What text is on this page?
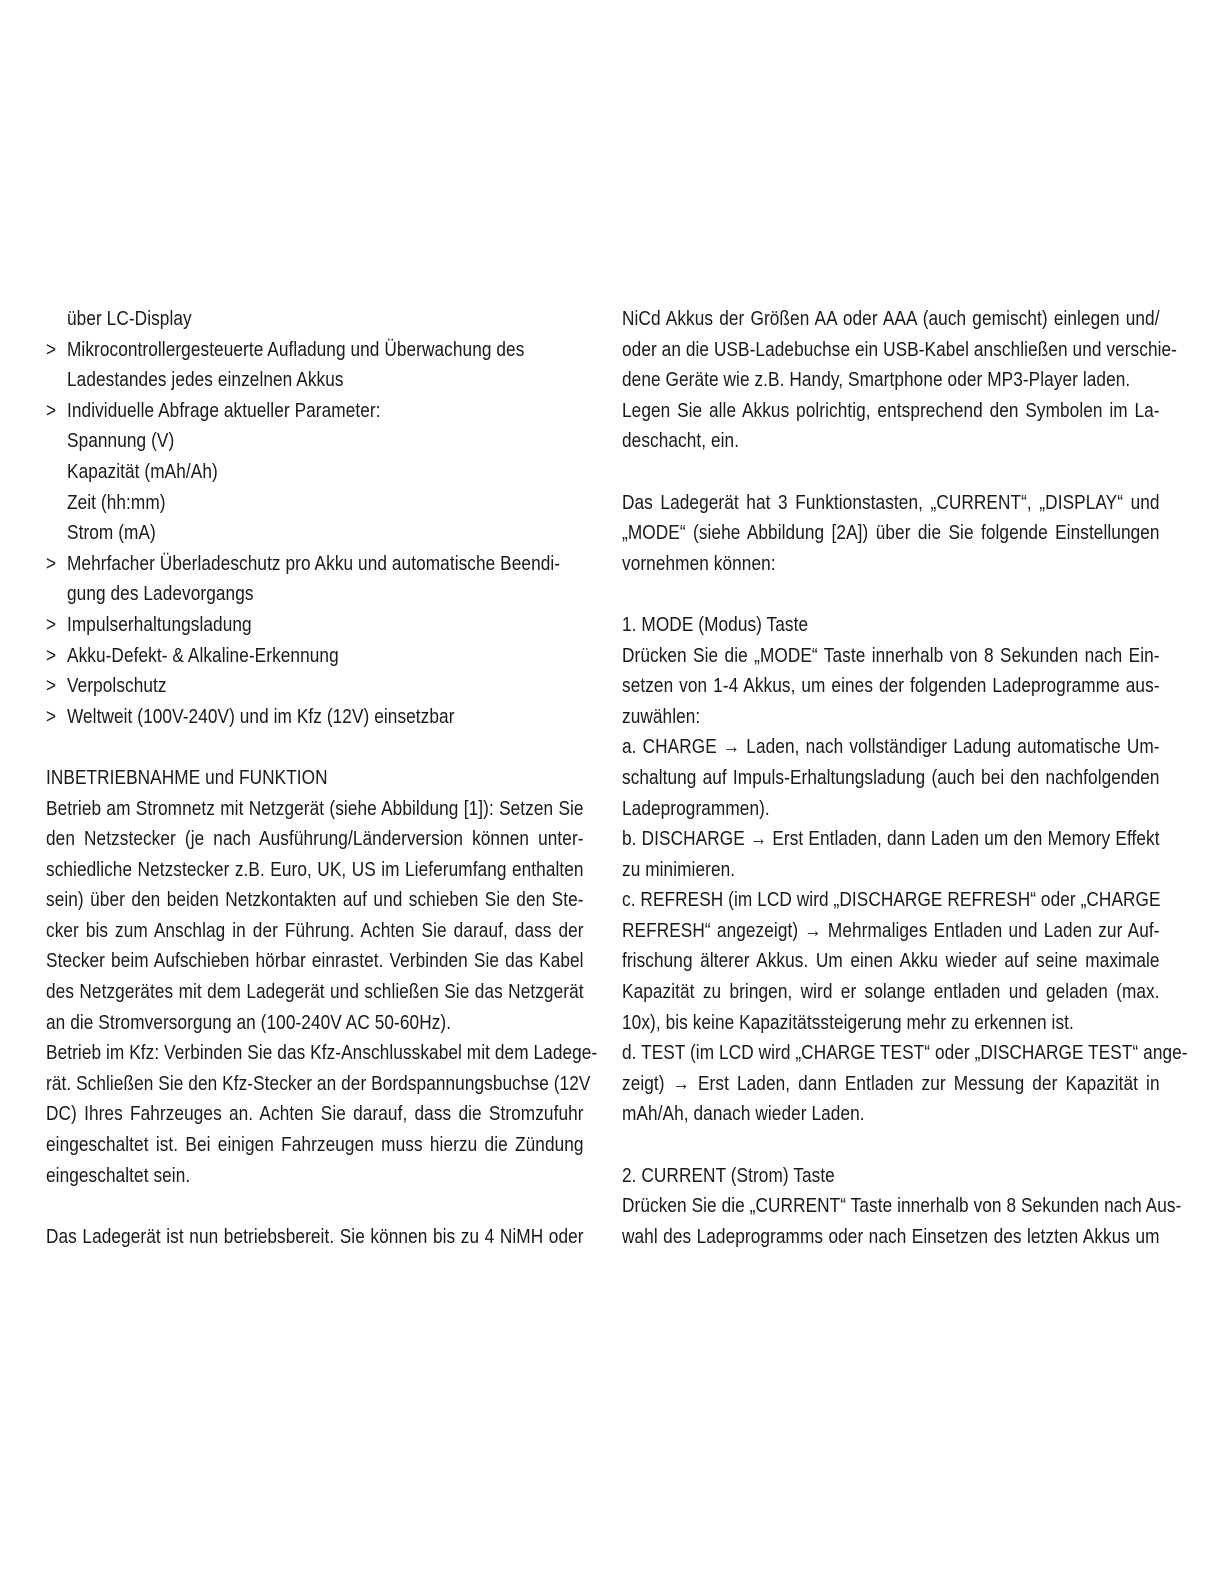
über LC-Display
> Mikrocontrollergesteuerte Aufladung und Überwachung des
Ladestandes jedes einzelnen Akkus
> Individuelle Abfrage aktueller Parameter:
Spannung (V)
Kapazität (mAh/Ah)
Zeit (hh:mm)
Strom (mA)
> Mehrfacher Überladeschutz pro Akku und automatische Beendi-
gung des Ladevorgangs
> Impulserhaltungsladung
> Akku-Defekt- & Alkaline-Erkennung
> Verpolschutz
> Weltweit (100V-240V) und im Kfz (12V) einsetzbar
INBETRIEBNAHME und FUNKTION
Betrieb am Stromnetz mit Netzgerät (siehe Abbildung [1]): Setzen Sie
den Netzstecker (je nach Ausführung/Länderversion können unter-
schiedliche Netzstecker z.B. Euro, UK, US im Lieferumfang enthalten
sein) über den beiden Netzkontakten auf und schieben Sie den Ste-
cker bis zum Anschlag in der Führung. Achten Sie darauf, dass der
Stecker beim Aufschieben hörbar einrastet. Verbinden Sie das Kabel
des Netzgerätes mit dem Ladegerät und schließen Sie das Netzgerät
an die Stromversorgung an (100-240V AC 50-60Hz).
Betrieb im Kfz: Verbinden Sie das Kfz-Anschlusskabel mit dem Ladege-
rät. Schließen Sie den Kfz-Stecker an der Bordspannungsbuchse (12V
DC) Ihres Fahrzeuges an. Achten Sie darauf, dass die Stromzufuhr
eingeschaltet ist. Bei einigen Fahrzeugen muss hierzu die Zündung
eingeschaltet sein.
Das Ladegerät ist nun betriebsbereit. Sie können bis zu 4 NiMH oder
NiCd Akkus der Größen AA oder AAA (auch gemischt) einlegen und/
oder an die USB-Ladebuchse ein USB-Kabel anschließen und verschie-
dene Geräte wie z.B. Handy, Smartphone oder MP3-Player laden.
Legen Sie alle Akkus polrichtig, entsprechend den Symbolen im La-
deschacht, ein.
Das Ladegerät hat 3 Funktionstasten, „CURRENT“, „DISPLAY“ und
„MODE“ (siehe Abbildung [2A]) über die Sie folgende Einstellungen
vornehmen können:
1. MODE (Modus) Taste
Drücken Sie die „MODE“ Taste innerhalb von 8 Sekunden nach Ein-
setzen von 1-4 Akkus, um eines der folgenden Ladeprogramme aus-
zuwählen:
a. CHARGE → Laden, nach vollständiger Ladung automatische Um-
schaltung auf Impuls-Erhaltungsladung (auch bei den nachfolgenden
Ladeprogrammen).
b. DISCHARGE → Erst Entladen, dann Laden um den Memory Effekt
zu minimieren.
c. REFRESH (im LCD wird „DISCHARGE REFRESH“ oder „CHARGE
REFRESH“ angezeigt) → Mehrmaliges Entladen und Laden zur Auf-
frischung älterer Akkus. Um einen Akku wieder auf seine maximale
Kapazität zu bringen, wird er solange entladen und geladen (max.
10x), bis keine Kapazitätssteigerung mehr zu erkennen ist.
d. TEST (im LCD wird „CHARGE TEST“ oder „DISCHARGE TEST“ ange-
zeigt) → Erst Laden, dann Entladen zur Messung der Kapazität in
mAh/Ah, danach wieder Laden.
2. CURRENT (Strom) Taste
Drücken Sie die „CURRENT“ Taste innerhalb von 8 Sekunden nach Aus-
wahl des Ladeprogramms oder nach Einsetzen des letzten Akkus um
